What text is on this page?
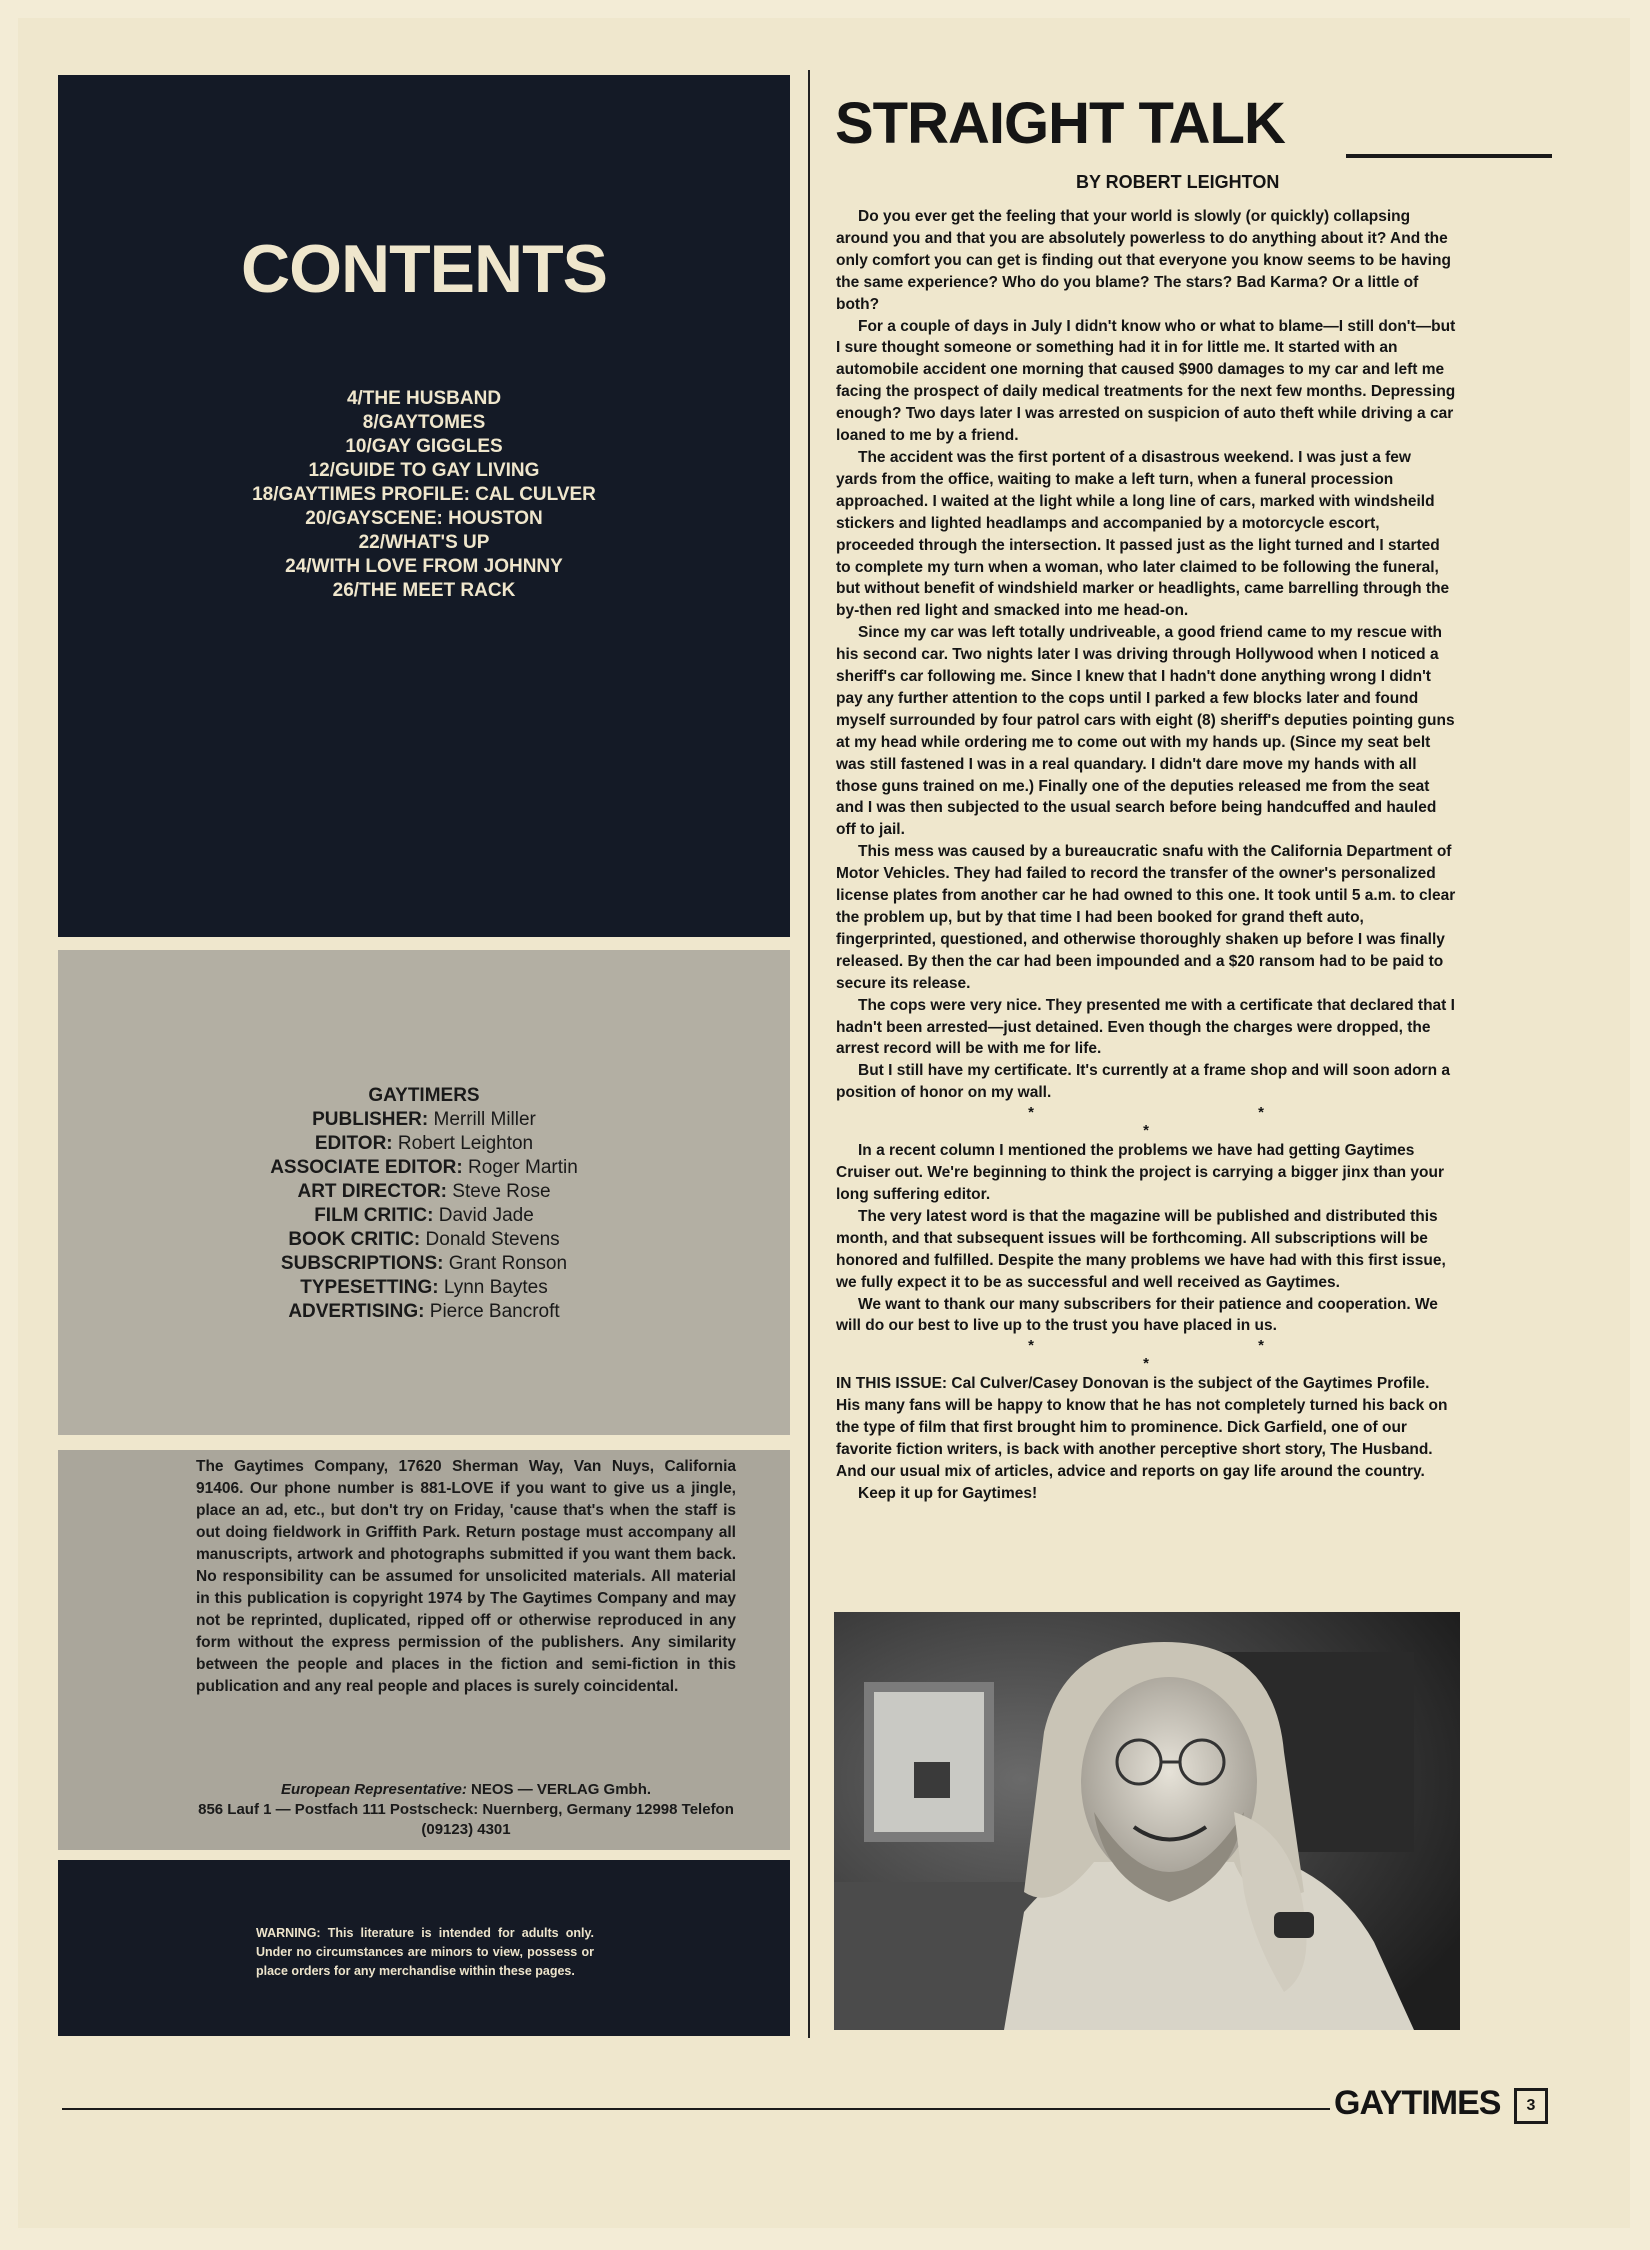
CONTENTS
4/THE HUSBAND
8/GAYTOMES
10/GAY GIGGLES
12/GUIDE TO GAY LIVING
18/GAYTIMES PROFILE: CAL CULVER
20/GAYSCENE: HOUSTON
22/WHAT'S UP
24/WITH LOVE FROM JOHNNY
26/THE MEET RACK
GAYTIMERS
PUBLISHER: Merrill Miller
EDITOR: Robert Leighton
ASSOCIATE EDITOR: Roger Martin
ART DIRECTOR: Steve Rose
FILM CRITIC: David Jade
BOOK CRITIC: Donald Stevens
SUBSCRIPTIONS: Grant Ronson
TYPESETTING: Lynn Baytes
ADVERTISING: Pierce Bancroft
The Gaytimes Company, 17620 Sherman Way, Van Nuys, California 91406. Our phone number is 881-LOVE if you want to give us a jingle, place an ad, etc., but don't try on Friday, 'cause that's when the staff is out doing fieldwork in Griffith Park. Return postage must accompany all manuscripts, artwork and photographs submitted if you want them back. No responsibility can be assumed for unsolicited materials. All material in this publication is copyright 1974 by The Gaytimes Company and may not be reprinted, duplicated, ripped off or otherwise reproduced in any form without the express permission of the publishers. Any similarity between the people and places in the fiction and semi-fiction in this publication and any real people and places is surely coincidental.
European Representative: NEOS — VERLAG Gmbh.
856 Lauf 1 — Postfach 111 Postscheck: Nuernberg, Germany 12998 Telefon (09123) 4301
WARNING: This literature is intended for adults only. Under no circumstances are minors to view, possess or place orders for any merchandise within these pages.
STRAIGHT TALK
BY ROBERT LEIGHTON

Do you ever get the feeling that your world is slowly (or quickly) collapsing around you and that you are absolutely powerless to do anything about it? And the only comfort you can get is finding out that everyone you know seems to be having the same experience? Who do you blame? The stars? Bad Karma? Or a little of both?

For a couple of days in July I didn't know who or what to blame—I still don't—but I sure thought someone or something had it in for little me. It started with an automobile accident one morning that caused $900 damages to my car and left me facing the prospect of daily medical treatments for the next few months. Depressing enough? Two days later I was arrested on suspicion of auto theft while driving a car loaned to me by a friend.

The accident was the first portent of a disastrous weekend. I was just a few yards from the office, waiting to make a left turn, when a funeral procession approached. I waited at the light while a long line of cars, marked with windsheild stickers and lighted headlamps and accompanied by a motorcycle escort, proceeded through the intersection. It passed just as the light turned and I started to complete my turn when a woman, who later claimed to be following the funeral, but without benefit of windshield marker or headlights, came barrelling through the by-then red light and smacked into me head-on.

Since my car was left totally undriveable, a good friend came to my rescue with his second car. Two nights later I was driving through Hollywood when I noticed a sheriff's car following me. Since I knew that I hadn't done anything wrong I didn't pay any further attention to the cops until I parked a few blocks later and found myself surrounded by four patrol cars with eight (8) sheriff's deputies pointing guns at my head while ordering me to come out with my hands up. (Since my seat belt was still fastened I was in a real quandary. I didn't dare move my hands with all those guns trained on me.) Finally one of the deputies released me from the seat and I was then subjected to the usual search before being handcuffed and hauled off to jail.

This mess was caused by a bureaucratic snafu with the California Department of Motor Vehicles. They had failed to record the transfer of the owner's personalized license plates from another car he had owned to this one. It took until 5 a.m. to clear the problem up, but by that time I had been booked for grand theft auto, fingerprinted, questioned, and otherwise thoroughly shaken up before I was finally released. By then the car had been impounded and a $20 ransom had to be paid to secure its release.

The cops were very nice. They presented me with a certificate that declared that I hadn't been arrested—just detained. Even though the charges were dropped, the arrest record will be with me for life.

But I still have my certificate. It's currently at a frame shop and will soon adorn a position of honor on my wall.

* * *

In a recent column I mentioned the problems we have had getting Gaytimes Cruiser out. We're beginning to think the project is carrying a bigger jinx than your long suffering editor.

The very latest word is that the magazine will be published and distributed this month, and that subsequent issues will be forthcoming. All subscriptions will be honored and fulfilled. Despite the many problems we have had with this first issue, we fully expect it to be as successful and well received as Gaytimes.

We want to thank our many subscribers for their patience and cooperation. We will do our best to live up to the trust you have placed in us.

* * *

IN THIS ISSUE: Cal Culver/Casey Donovan is the subject of the Gaytimes Profile. His many fans will be happy to know that he has not completely turned his back on the type of film that first brought him to prominence. Dick Garfield, one of our favorite fiction writers, is back with another perceptive short story, The Husband. And our usual mix of articles, advice and reports on gay life around the country.

Keep it up for Gaytimes!

GAYTIMES	3
